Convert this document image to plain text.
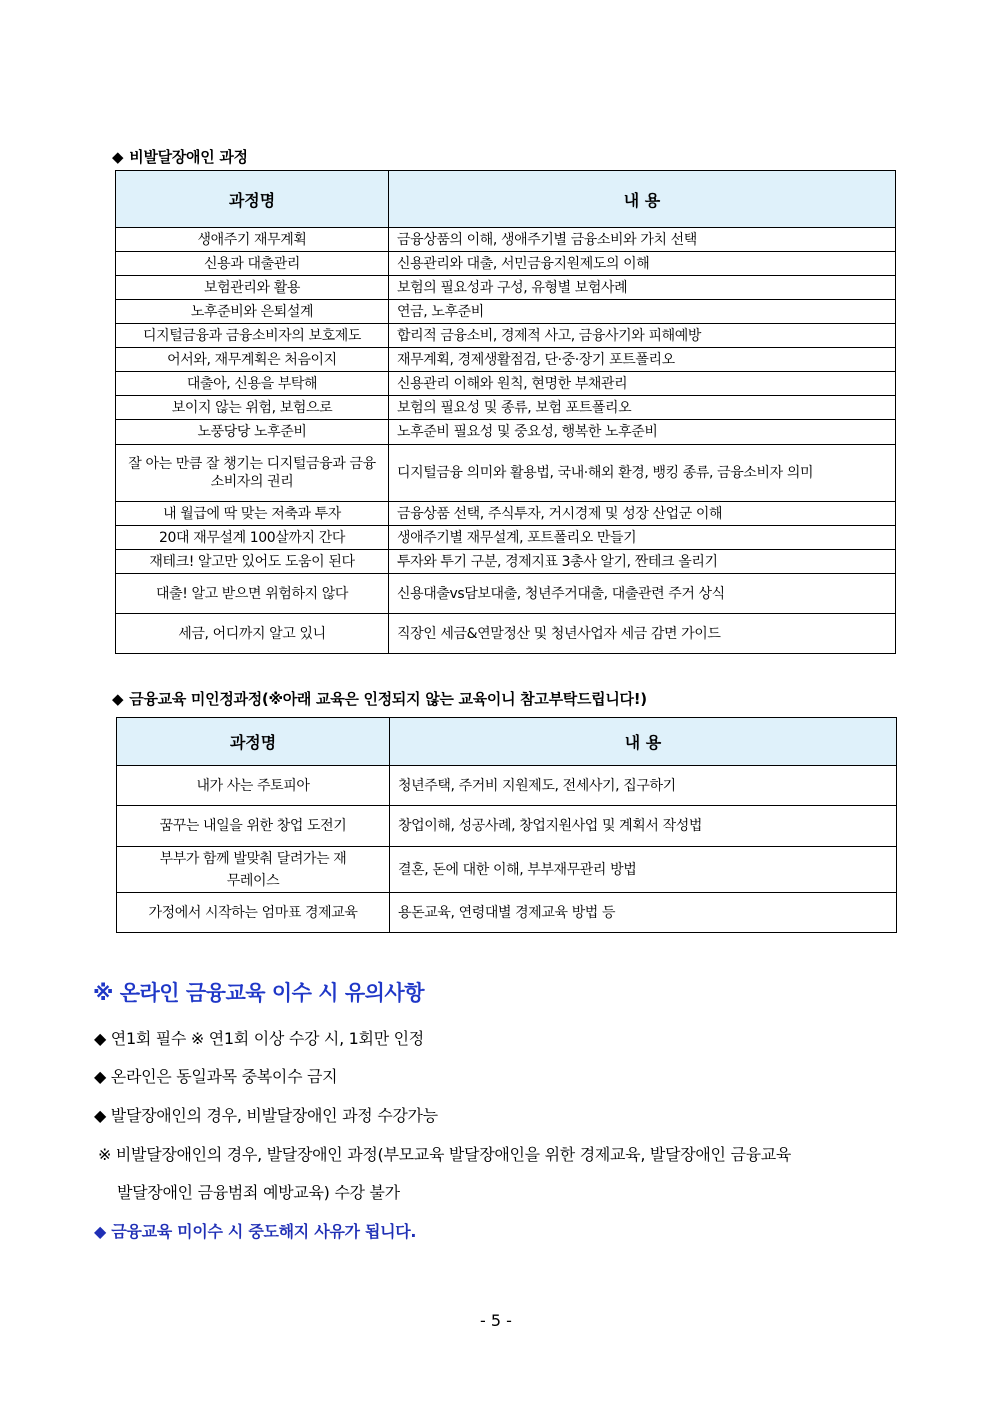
◆ 비발달장애인 과정
과정명	내 용
생애주기 재무계획	금융상품의 이해, 생애주기별 금융소비와 가치 선택
신용과 대출관리	신용관리와 대출, 서민금융지원제도의 이해
보험관리와 활용	보험의 필요성과 구성, 유형별 보험사례
노후준비와 은퇴설계	연금, 노후준비
디지털금융과 금융소비자의 보호제도	합리적 금융소비, 경제적 사고, 금융사기와 피해예방
어서와, 재무계획은 처음이지	재무계획, 경제생활점검, 단·중·장기 포트폴리오
대출아, 신용을 부탁해	신용관리 이해와 원칙, 현명한 부채관리
보이지 않는 위험, 보험으로	보험의 필요성 및 종류, 보험 포트폴리오
노풍당당 노후준비	노후준비 필요성 및 중요성, 행복한 노후준비
잘 아는 만큼 잘 챙기는 디지털금융과 금융소비자의 권리	디지털금융 의미와 활용법, 국내·해외 환경, 뱅킹 종류, 금융소비자 의미
내 월급에 딱 맞는 저축과 투자	금융상품 선택, 주식투자, 거시경제 및 성장 산업군 이해
20대 재무설계 100살까지 간다	생애주기별 재무설계, 포트폴리오 만들기
재테크! 알고만 있어도 도움이 된다	투자와 투기 구분, 경제지표 3총사 알기, 짠테크 올리기
대출! 알고 받으면 위험하지 않다	신용대출vs담보대출, 청년주거대출, 대출관련 주거 상식
세금, 어디까지 알고 있니	직장인 세금&연말정산 및 청년사업자 세금 감면 가이드
◆ 금융교육 미인정과정(※아래 교육은 인정되지 않는 교육이니 참고부탁드립니다!)
과정명	내 용
내가 사는 주토피아	청년주택, 주거비 지원제도, 전세사기, 집구하기
꿈꾸는 내일을 위한 창업 도전기	창업이해, 성공사례, 창업지원사업 및 계획서 작성법
부부가 함께 발맞춰 달려가는 재무레이스	결혼, 돈에 대한 이해, 부부재무관리 방법
가정에서 시작하는 엄마표 경제교육	용돈교육, 연령대별 경제교육 방법 등
※ 온라인 금융교육 이수 시 유의사항
◆ 연1회 필수 ※ 연1회 이상 수강 시, 1회만 인정
◆ 온라인은 동일과목 중복이수 금지
◆ 발달장애인의 경우, 비발달장애인 과정 수강가능
※ 비발달장애인의 경우, 발달장애인 과정(부모교육 발달장애인을 위한 경제교육, 발달장애인 금융교육
발달장애인 금융범죄 예방교육) 수강 불가
◆ 금융교육 미이수 시 중도해지 사유가 됩니다.
- 5 -
